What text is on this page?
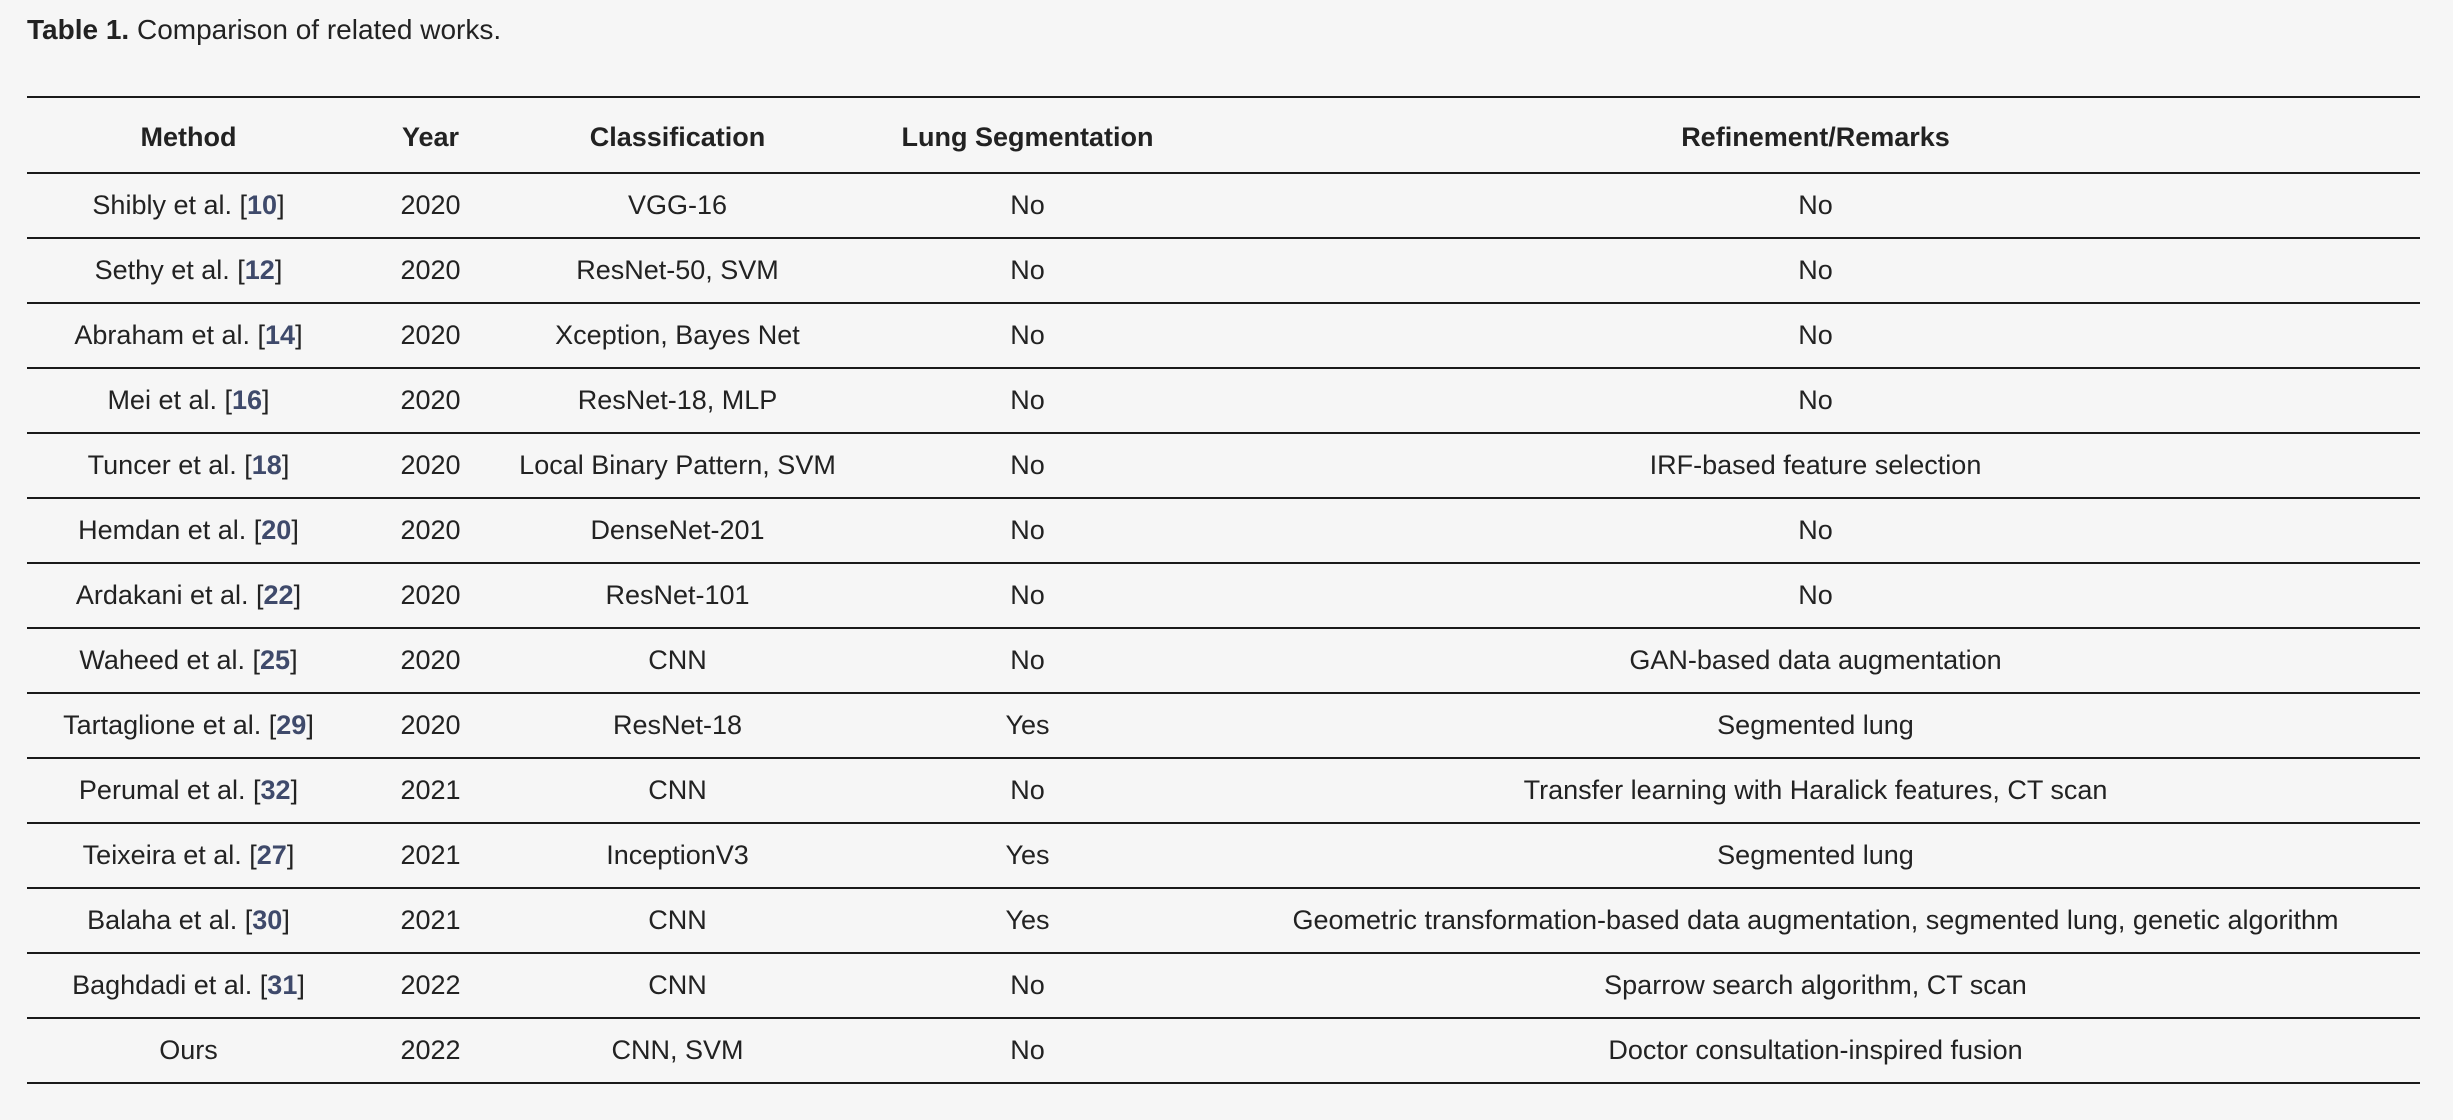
Table 1. Comparison of related works.
Method	Year	Classification	Lung Segmentation	Refinement/Remarks
Shibly et al. [10]	2020	VGG-16	No	No
Sethy et al. [12]	2020	ResNet-50, SVM	No	No
Abraham et al. [14]	2020	Xception, Bayes Net	No	No
Mei et al. [16]	2020	ResNet-18, MLP	No	No
Tuncer et al. [18]	2020	Local Binary Pattern, SVM	No	IRF-based feature selection
Hemdan et al. [20]	2020	DenseNet-201	No	No
Ardakani et al. [22]	2020	ResNet-101	No	No
Waheed et al. [25]	2020	CNN	No	GAN-based data augmentation
Tartaglione et al. [29]	2020	ResNet-18	Yes	Segmented lung
Perumal et al. [32]	2021	CNN	No	Transfer learning with Haralick features, CT scan
Teixeira et al. [27]	2021	InceptionV3	Yes	Segmented lung
Balaha et al. [30]	2021	CNN	Yes	Geometric transformation-based data augmentation, segmented lung, genetic algorithm
Baghdadi et al. [31]	2022	CNN	No	Sparrow search algorithm, CT scan
Ours	2022	CNN, SVM	No	Doctor consultation-inspired fusion
